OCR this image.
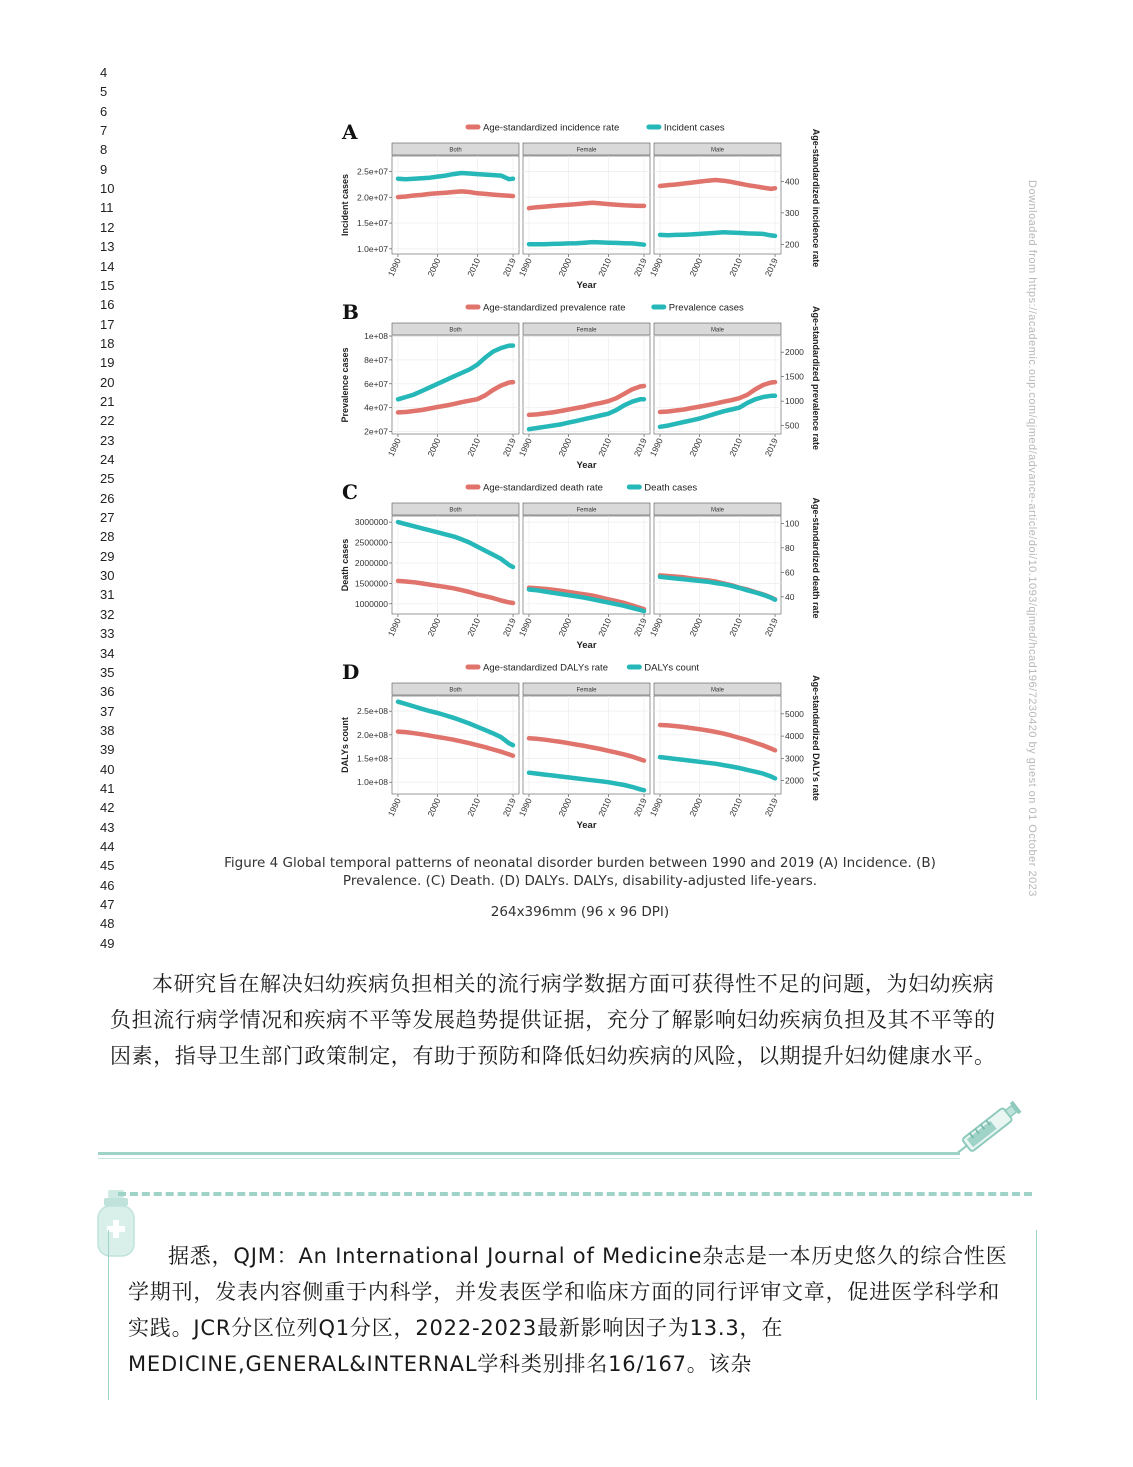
4
5
6
7
8
9
10
11
12
13
14
15
16
17
18
19
20
21
22
23
24
25
26
27
28
29
30
31
32
33
34
35
36
37
38
39
40
41
42
43
44
45
46
47
48
49
A	Age-standardized incidence rate	Incident cases
Both
1990	2000	2010 2019
Female
1990	2000	2010 2019
Male
1990	2000	2010 2019
2.5e+07
2.0e+07
1.5e+07
1.0e+07
400
300
200
Incident cases	Age-standardized incidence rate
Year
B	Age-standardized prevalence rate	Prevalence cases
Both
1990	2000	2010 2019
Female
1990	2000	2010 2019
Male
1990	2000	2010 2019
1e+08
8e+07
6e+07
4e+07
2e+07
2000
1500
1000
500
Prevalence cases	Age-standardized prevalence rate
Year
C	Age-standardized death rate	Death cases
Both
1990	2000	2010 2019
Female
1990	2000	2010 2019
Male
1990	2000	2010 2019
3000000
2500000
2000000
1500000
1000000
100
80
60
40
Death cases	Age-standardized death rate
Year
D	Age-standardized DALYs rate	DALYs count
Both
1990	2000	2010 2019
Female
1990	2000	2010 2019
Male
1990	2000	2010 2019
2.5e+08
2.0e+08
1.5e+08
1.0e+08
5000
4000
3000
2000
DALYs count	Age-standardized DALYs rate
Year
Figure 4 Global temporal patterns of neonatal disorder burden between 1990 and 2019 (A) Incidence. (B)
Prevalence. (C) Death. (D) DALYs. DALYs, disability-adjusted life-years.
264x396mm (96 x 96 DPI)
Downloaded from https://academic.oup.com/qjmed/advance-article/doi/10.1093/qjmed/hcad196/7230420 by guest on 01 October 2023
本研究旨在解决妇幼疾病负担相关的流行病学数据方面可获得性不足的问题，为妇幼疾病负担流行病学情况和疾病不平等发展趋势提供证据，充分了解影响妇幼疾病负担及其不平等的因素，指导卫生部门政策制定，有助于预防和降低妇幼疾病的风险，以期提升妇幼健康水平。
据悉，QJM：An International Journal of Medicine杂志是一本历史悠久的综合性医学期刊，发表内容侧重于内科学，并发表医学和临床方面的同行评审文章，促进医学科学和实践。JCR分区位列Q1分区，2022-2023最新影响因子为13.3，在MEDICINE,GENERAL&INTERNAL学科类别排名16/167。该杂
